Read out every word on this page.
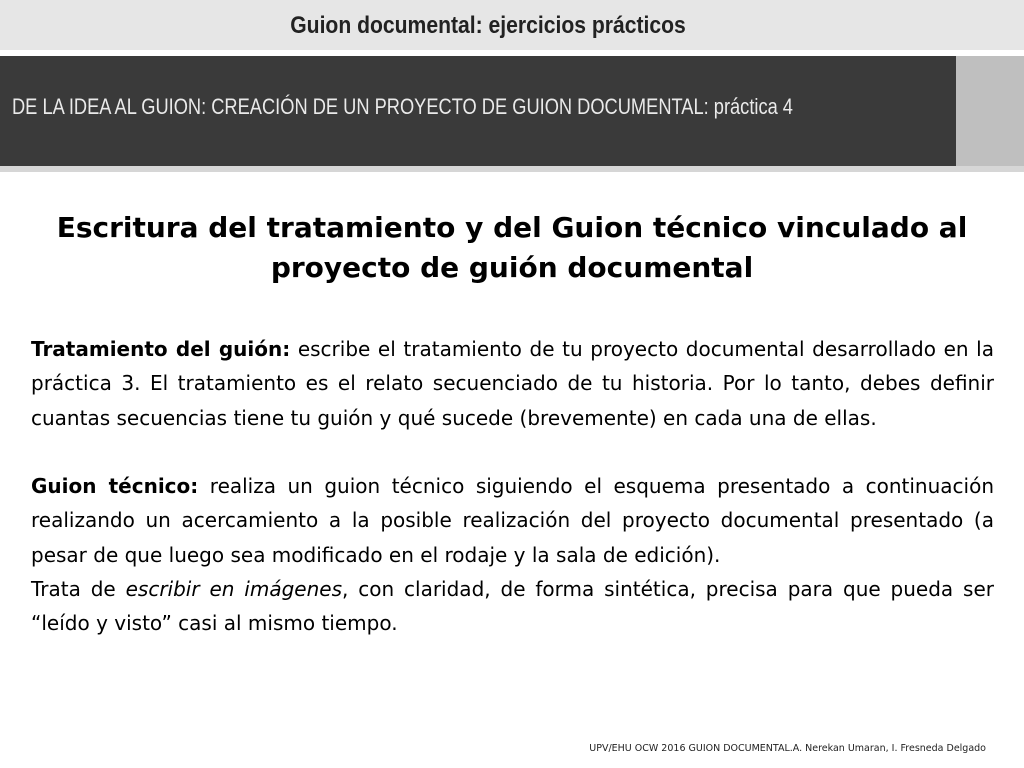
Guion documental: ejercicios prácticos
DE LA IDEA AL GUION: CREACIÓN DE UN PROYECTO DE GUION DOCUMENTAL: práctica 4
Escritura del tratamiento y del Guion técnico vinculado al
proyecto de guión documental

Tratamiento del guión: escribe el tratamiento de tu proyecto documental desarrollado en la práctica 3. El tratamiento es el relato secuenciado de tu historia. Por lo tanto, debes definir cuantas secuencias tiene tu guión y qué sucede (brevemente) en cada una de ellas.

Guion técnico: realiza un guion técnico siguiendo el esquema presentado a continuación realizando un acercamiento a la posible realización del proyecto documental presentado (a pesar de que luego sea modificado en el rodaje y la sala de edición).

Trata de escribir en imágenes, con claridad, de forma sintética, precisa para que pueda ser “leído y visto” casi al mismo tiempo.

UPV/EHU OCW 2016 GUION DOCUMENTAL.A. Nerekan Umaran, I. Fresneda Delgado
